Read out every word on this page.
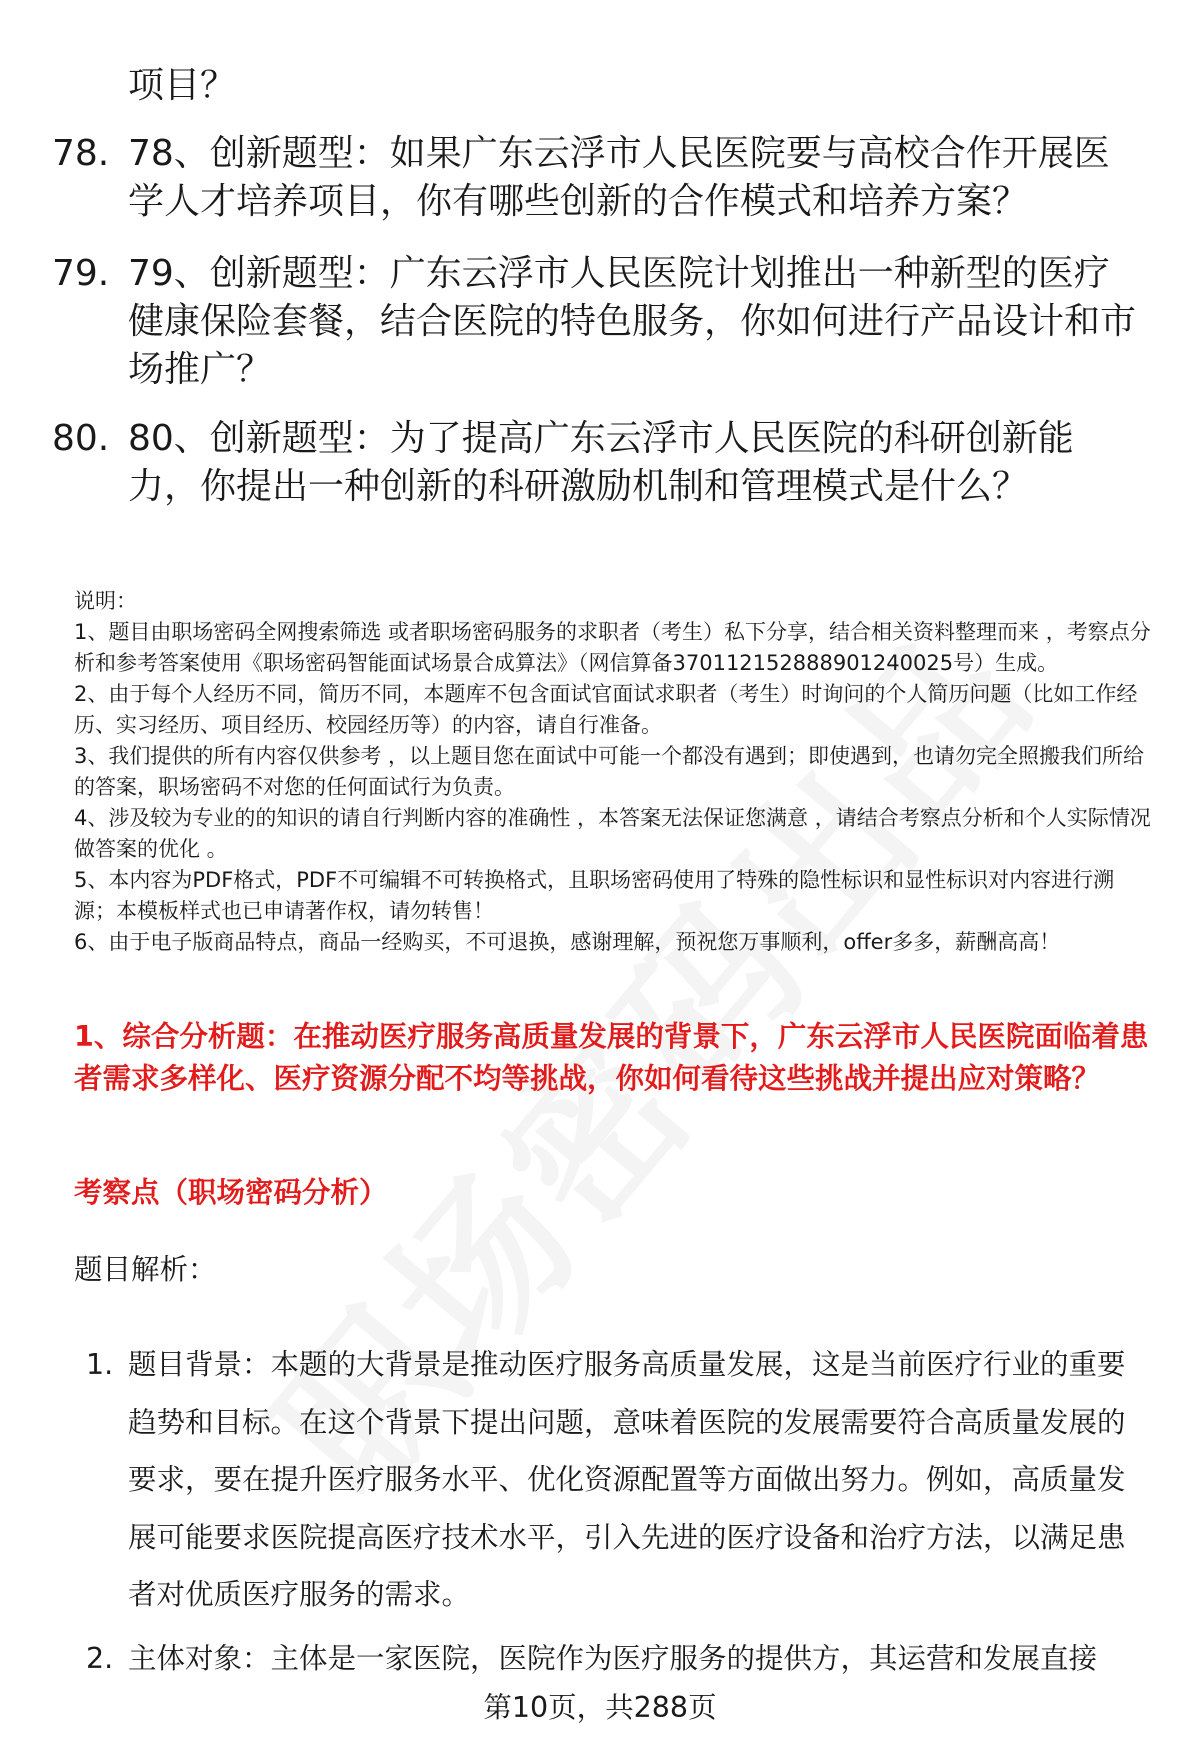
项目？
78. 78、创新题型：如果广东云浮市人民医院要与高校合作开展医学人才培养项目，你有哪些创新的合作模式和培养方案？
79. 79、创新题型：广东云浮市人民医院计划推出一种新型的医疗健康保险套餐，结合医院的特色服务，你如何进行产品设计和市场推广？
80. 80、创新题型：为了提高广东云浮市人民医院的科研创新能力，你提出一种创新的科研激励机制和管理模式是什么？

说明：

1、题目由职场密码全网搜索筛选 或者职场密码服务的求职者（考生）私下分享，结合相关资料整理而来 ，考察点分析和参考答案使用《职场密码智能面试场景合成算法》（网信算备370112152888901240025号）生成。

2、由于每个人经历不同，简历不同，本题库不包含面试官面试求职者（考生）时询问的个人简历问题（比如工作经历、实习经历、项目经历、校园经历等）的内容，请自行准备。

3、我们提供的所有内容仅供参考 ，以上题目您在面试中可能一个都没有遇到；即使遇到，也请勿完全照搬我们所给的答案，职场密码不对您的任何面试行为负责。

4、涉及较为专业的的知识的请自行判断内容的准确性 ，本答案无法保证您满意 ，请结合考察点分析和个人实际情况做答案的优化 。

5、本内容为PDF格式，PDF不可编辑不可转换格式，且职场密码使用了特殊的隐性标识和显性标识对内容进行溯源；本模板样式也已申请著作权，请勿转售！

6、由于电子版商品特点，商品一经购买，不可退换，感谢理解，预祝您万事顺利，offer多多，薪酬高高！

1、综合分析题：在推动医疗服务高质量发展的背景下，广东云浮市人民医院面临着患者需求多样化、医疗资源分配不均等挑战，你如何看待这些挑战并提出应对策略？
考察点（职场密码分析）
题目解析：
1. 题目背景：本题的大背景是推动医疗服务高质量发展，这是当前医疗行业的重要趋势和目标。在这个背景下提出问题，意味着医院的发展需要符合高质量发展的要求，要在提升医疗服务水平、优化资源配置等方面做出努力。例如，高质量发展可能要求医院提高医疗技术水平，引入先进的医疗设备和治疗方法，以满足患者对优质医疗服务的需求。
2. 主体对象：主体是一家医院，医院作为医疗服务的提供方，其运营和发展直接
第10页，共288页
